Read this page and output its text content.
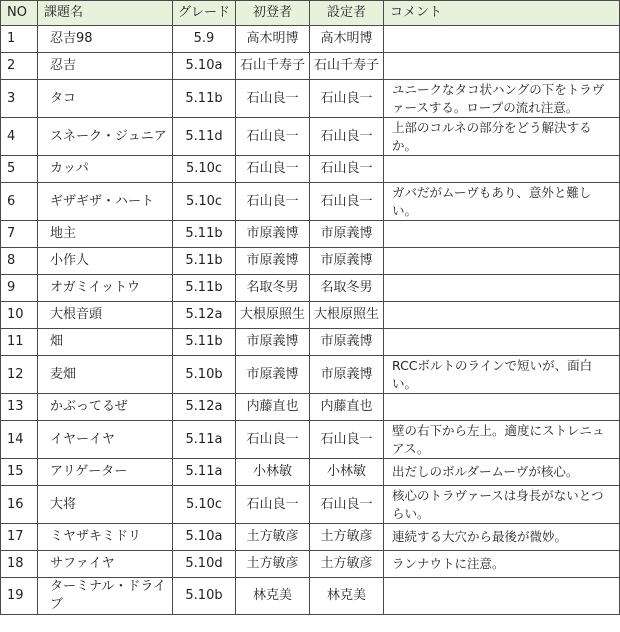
NO	課題名	グレード	初登者	設定者	コメント
1	忍吉98	5.9	高木明博	高木明博	
2	忍吉	5.10a	石山千寿子	石山千寿子	
3	タコ	5.11b	石山良一	石山良一	ユニークなタコ状ハングの下をトラヴァースする。ロープの流れ注意。
4	スネーク・ジュニア	5.11d	石山良一	石山良一	上部のコルネの部分をどう解決するか。
5	カッパ	5.10c	石山良一	石山良一	
6	ギザギザ・ハート	5.10c	石山良一	石山良一	ガバだがムーヴもあり、意外と難しい。
7	地主	5.11b	市原義博	市原義博	
8	小作人	5.11b	市原義博	市原義博	
9	オガミイットウ	5.11b	名取冬男	名取冬男	
10	大根音頭	5.12a	大根原照生	大根原照生	
11	畑	5.11b	市原義博	市原義博	
12	麦畑	5.10b	市原義博	市原義博	RCCボルトのラインで短いが、面白い。
13	かぶってるぜ	5.12a	内藤直也	内藤直也	
14	イヤーイヤ	5.11a	石山良一	石山良一	壁の右下から左上。適度にストレニュアス。
15	アリゲーター	5.11a	小林敏	小林敏	出だしのボルダームーヴが核心。
16	大将	5.10c	石山良一	石山良一	核心のトラヴァースは身長がないとつらい。
17	ミヤザキミドリ	5.10a	土方敏彦	土方敏彦	連続する大穴から最後が微妙。
18	サファイヤ	5.10d	土方敏彦	土方敏彦	ランナウトに注意。
19	ターミナル・ドライブ	5.10b	林克美	林克美	
